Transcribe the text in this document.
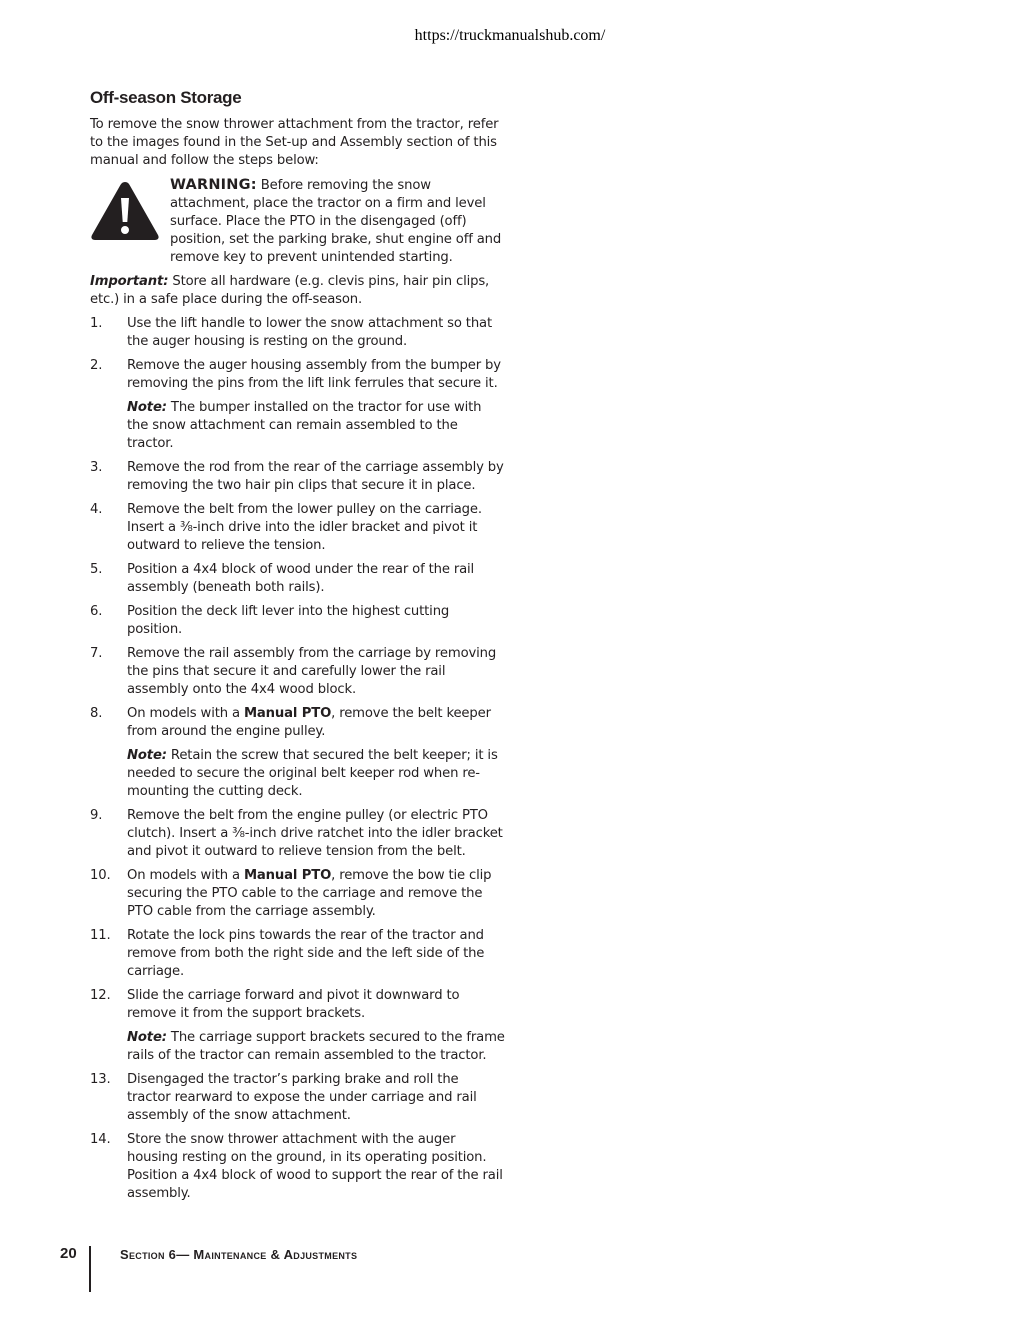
https://truckmanualshub.com/
Off-season Storage

To remove the snow thrower attachment from the tractor, refer to the images found in the Set-up and Assembly section of this manual and follow the steps below:

WARNING: Before removing the snow attachment, place the tractor on a firm and level surface. Place the PTO in the disengaged (off) position, set the parking brake, shut engine off and remove key to prevent unintended starting.

Important: Store all hardware (e.g. clevis pins, hair pin clips, etc.) in a safe place during the off-season.

1. Use the lift handle to lower the snow attachment so that the auger housing is resting on the ground.
2. Remove the auger housing assembly from the bumper by removing the pins from the lift link ferrules that secure it.
Note: The bumper installed on the tractor for use with the snow attachment can remain assembled to the tractor.
3. Remove the rod from the rear of the carriage assembly by removing the two hair pin clips that secure it in place.
4. Remove the belt from the lower pulley on the carriage. Insert a ⅜-inch drive into the idler bracket and pivot it outward to relieve the tension.
5. Position a 4x4 block of wood under the rear of the rail assembly (beneath both rails).
6. Position the deck lift lever into the highest cutting position.
7. Remove the rail assembly from the carriage by removing the pins that secure it and carefully lower the rail assembly onto the 4x4 wood block.
8. On models with a Manual PTO, remove the belt keeper from around the engine pulley.
Note: Retain the screw that secured the belt keeper; it is needed to secure the original belt keeper rod when re-mounting the cutting deck.
9. Remove the belt from the engine pulley (or electric PTO clutch). Insert a ⅜-inch drive ratchet into the idler bracket and pivot it outward to relieve tension from the belt.
10. On models with a Manual PTO, remove the bow tie clip securing the PTO cable to the carriage and remove the PTO cable from the carriage assembly.
11. Rotate the lock pins towards the rear of the tractor and remove from both the right side and the left side of the carriage.
12. Slide the carriage forward and pivot it downward to remove it from the support brackets.
Note: The carriage support brackets secured to the frame rails of the tractor can remain assembled to the tractor.
13. Disengaged the tractor’s parking brake and roll the tractor rearward to expose the under carriage and rail assembly of the snow attachment.
14. Store the snow thrower attachment with the auger housing resting on the ground, in its operating position. Position a 4x4 block of wood to support the rear of the rail assembly.
20	Section 6— Maintenance & Adjustments
